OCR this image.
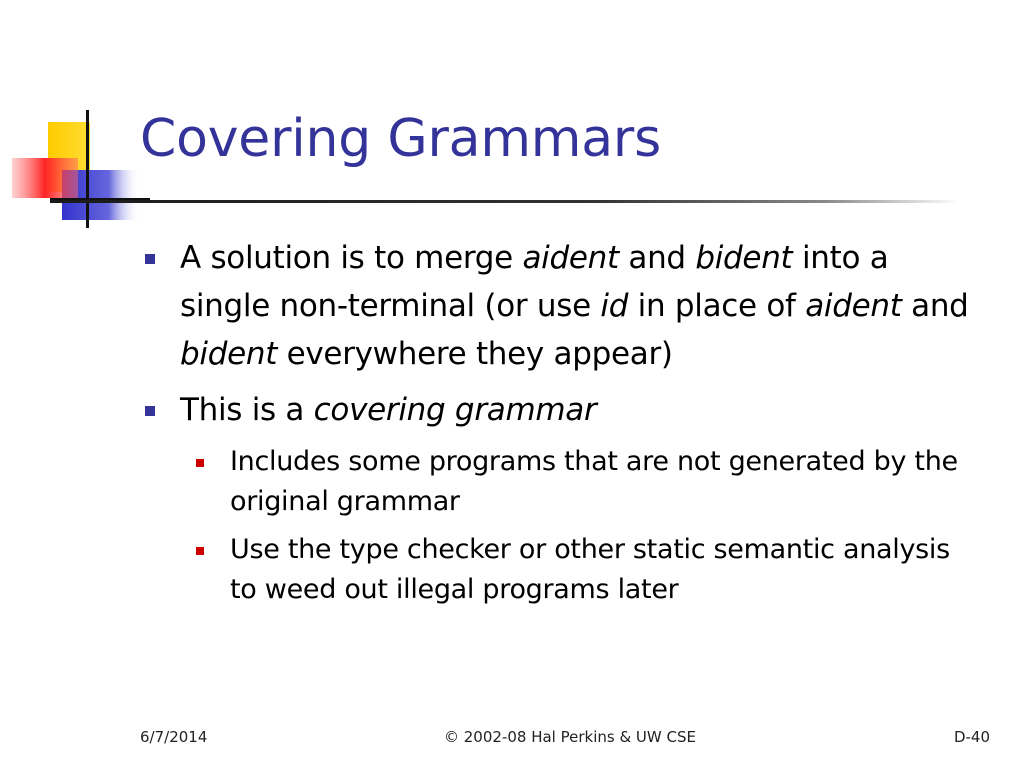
Covering Grammars
A solution is to merge aident and bident into a single non-terminal (or use id in place of aident and bident everywhere they appear)
This is a covering grammar
Includes some programs that are not generated by the original grammar
Use the type checker or other static semantic analysis to weed out illegal programs later
6/7/2014	© 2002-08 Hal Perkins & UW CSE	D-40
